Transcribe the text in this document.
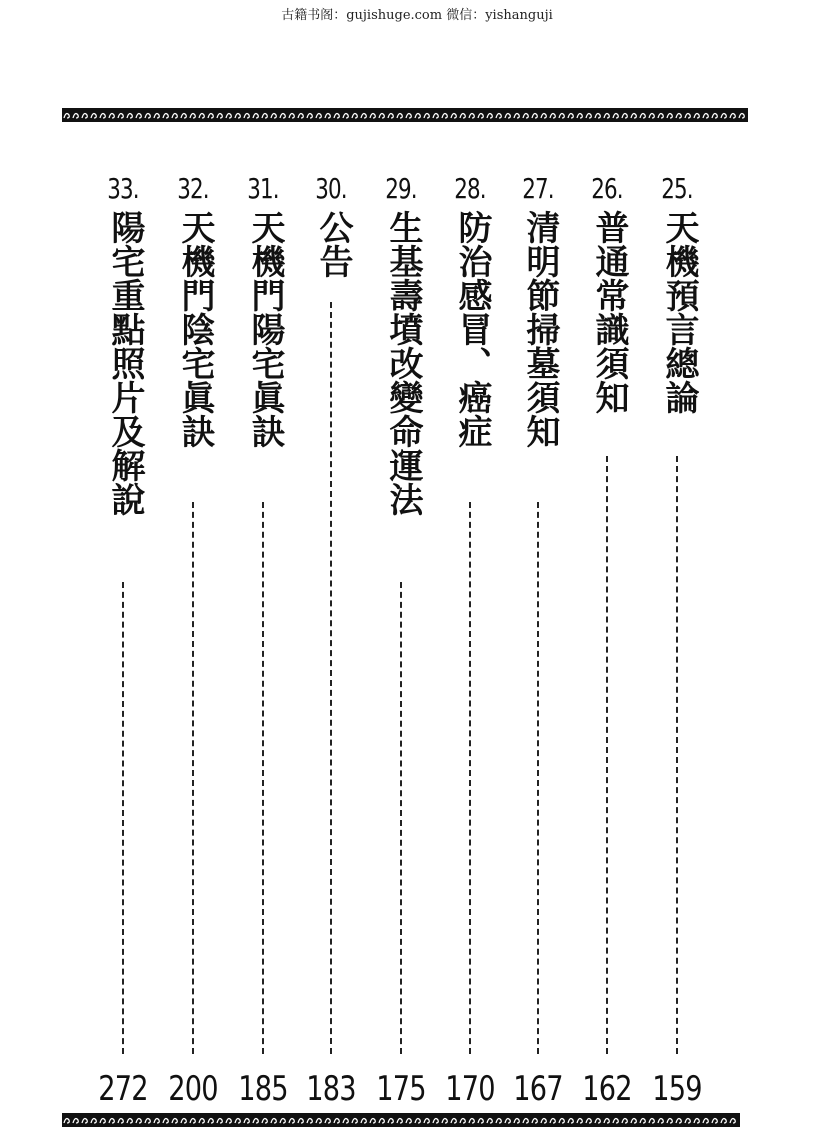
古籍书阁：gujishuge.com 微信：yishanguji
25.
天機預言總論
159
26.
普通常識須知
162
27.
清明節掃墓須知
167
28.
防治感冒、癌症
170
29.
生基壽墳改變命運法
175
30.
公告
183
31.
天機門陽宅眞訣
185
32.
天機門陰宅眞訣
200
33.
陽宅重點照片及解說
272
